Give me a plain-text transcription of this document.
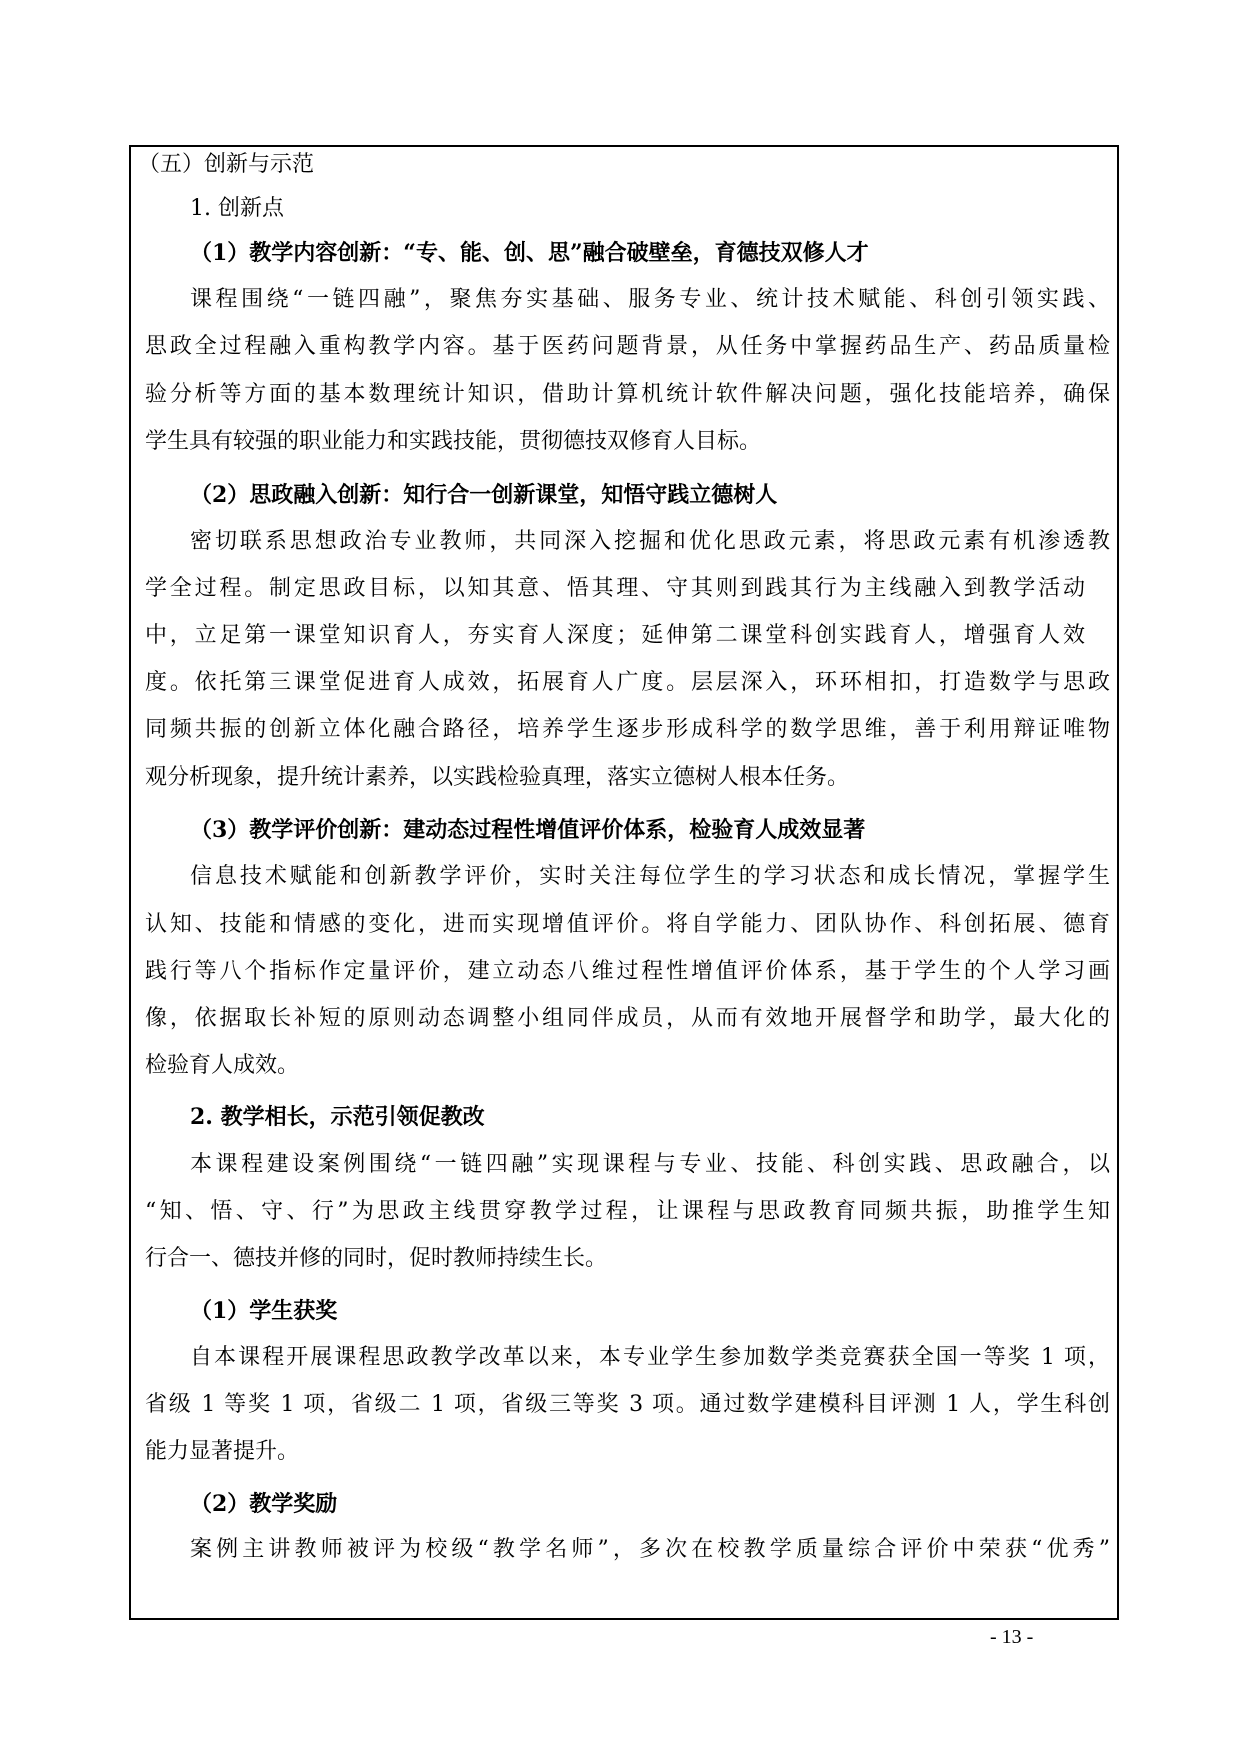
（五）创新与示范
1. 创新点
（1）教学内容创新：“专、能、创、思”融合破壁垒，育德技双修人才
课程围绕“一链四融”，聚焦夯实基础、服务专业、统计技术赋能、科创引领实践、
思政全过程融入重构教学内容。基于医药问题背景，从任务中掌握药品生产、药品质量检
验分析等方面的基本数理统计知识，借助计算机统计软件解决问题，强化技能培养，确保
学生具有较强的职业能力和实践技能，贯彻德技双修育人目标。
（2）思政融入创新：知行合一创新课堂，知悟守践立德树人
密切联系思想政治专业教师，共同深入挖掘和优化思政元素，将思政元素有机渗透教
学全过程。制定思政目标，以知其意、悟其理、守其则到践其行为主线融入到教学活动
中，立足第一课堂知识育人，夯实育人深度；延伸第二课堂科创实践育人，增强育人效
度。依托第三课堂促进育人成效，拓展育人广度。层层深入，环环相扣，打造数学与思政
同频共振的创新立体化融合路径，培养学生逐步形成科学的数学思维，善于利用辩证唯物
观分析现象，提升统计素养，以实践检验真理，落实立德树人根本任务。
（3）教学评价创新：建动态过程性增值评价体系，检验育人成效显著
信息技术赋能和创新教学评价，实时关注每位学生的学习状态和成长情况，掌握学生
认知、技能和情感的变化，进而实现增值评价。将自学能力、团队协作、科创拓展、德育
践行等八个指标作定量评价，建立动态八维过程性增值评价体系，基于学生的个人学习画
像，依据取长补短的原则动态调整小组同伴成员，从而有效地开展督学和助学，最大化的
检验育人成效。
2. 教学相长，示范引领促教改
本课程建设案例围绕“一链四融”实现课程与专业、技能、科创实践、思政融合，以
“知、悟、守、行”为思政主线贯穿教学过程，让课程与思政教育同频共振，助推学生知
行合一、德技并修的同时，促时教师持续生长。
（1）学生获奖
自本课程开展课程思政教学改革以来，本专业学生参加数学类竞赛获全国一等奖 1 项，
省级 1 等奖 1 项，省级二 1 项，省级三等奖 3 项。通过数学建模科目评测 1 人，学生科创
能力显著提升。
（2）教学奖励
案例主讲教师被评为校级“教学名师”，多次在校教学质量综合评价中荣获“优秀”
- 13 -
